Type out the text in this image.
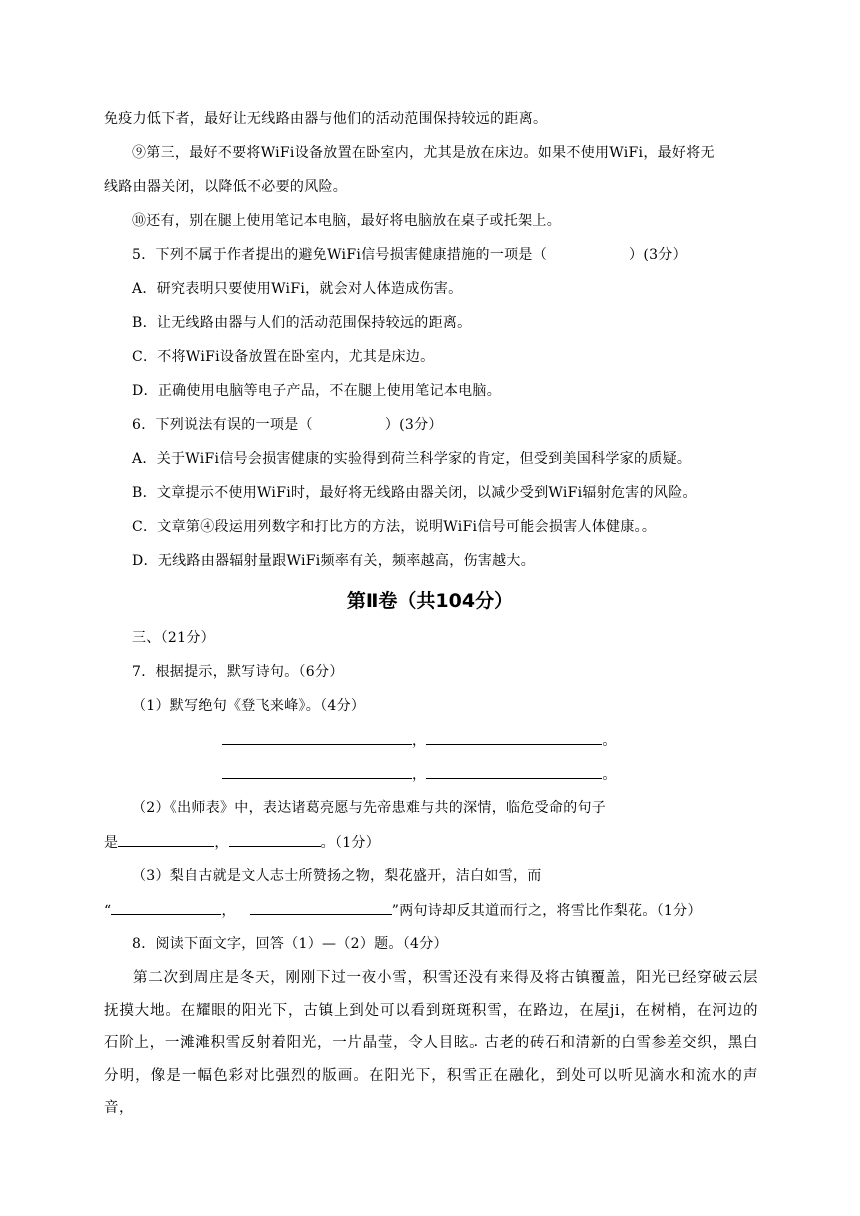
免疫力低下者，最好让无线路由器与他们的活动范围保持较远的距离。
⑨第三，最好不要将WiFi设备放置在卧室内，尤其是放在床边。如果不使用WiFi，最好将无
线路由器关闭，以降低不必要的风险。
⑩还有，别在腿上使用笔记本电脑，最好将电脑放在桌子或托架上。
5．下列不属于作者提出的避免WiFi信号损害健康措施的一项是（	）(3分）
A．研究表明只要使用WiFi，就会对人体造成伤害。
B．让无线路由器与人们的活动范围保持较远的距离。
C．不将WiFi设备放置在卧室内，尤其是床边。
D．正确使用电脑等电子产品，不在腿上使用笔记本电脑。
6．下列说法有误的一项是（	）(3分）
A．关于WiFi信号会损害健康的实验得到荷兰科学家的肯定，但受到美国科学家的质疑。
B．文章提示不使用WiFi时，最好将无线路由器关闭，以减少受到WiFi辐射危害的风险。
C．文章第④段运用列数字和打比方的方法，说明WiFi信号可能会损害人体健康。。
D．无线路由器辐射量跟WiFi频率有关，频率越高，伤害越大。
第Ⅱ卷（共104分）
三、（21分）
7．根据提示，默写诗句。（6分）
（1）默写绝句《登飞来峰》。（4分）
，	。
，	。
（2）《出师表》中，表达诸葛亮愿与先帝患难与共的深情，临危受命的句子
是	，	。（1分）
（3）梨自古就是文人志士所赞扬之物，梨花盛开，洁白如雪，而
“	，	”两句诗却反其道而行之，将雪比作梨花。（1分）
8．阅读下面文字，回答（1）—（2）题。（4分）
第二次到周庄是冬天，刚刚下过一夜小雪，积雪还没有来得及将古镇覆盖，阳光已经穿破云层抚摸大地。在耀眼的阳光下，古镇上到处可以看到斑斑积雪，在路边，在屋ji，在树梢，在河边的石阶上，一滩滩积雪反射着阳光，一片晶莹，令人目眩 ·。古老的砖石和清新的白雪参差 ·交织，黑白分明，像是一幅色彩对比强烈的版画。在阳光下，积雪正在融化，到处可以听见滴水和流水的声音，
